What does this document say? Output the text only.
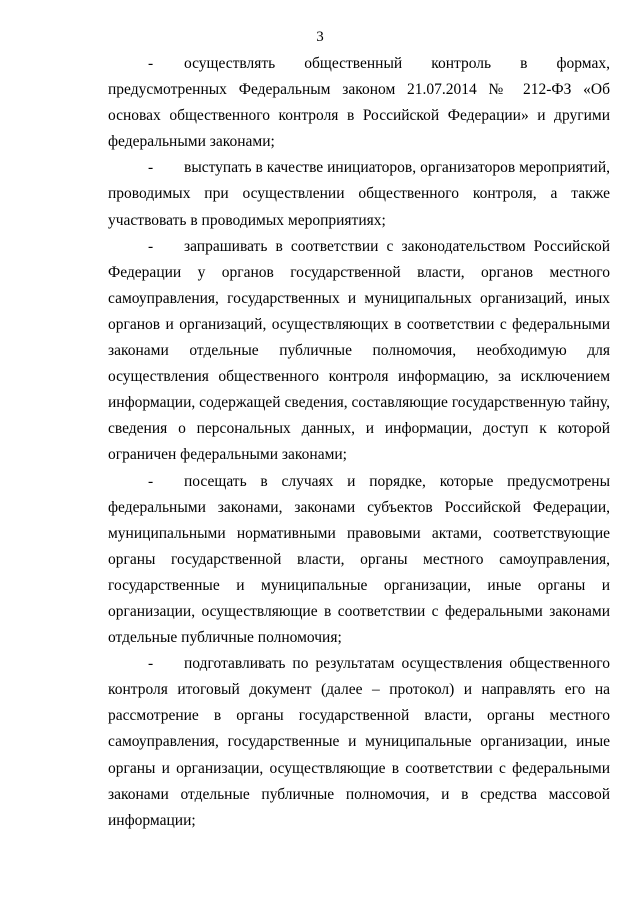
3

- осуществлять общественный контроль в формах, предусмотренных Федеральным законом 21.07.2014 № 212-ФЗ «Об основах общественного контроля в Российской Федерации» и другими федеральными законами;

- выступать в качестве инициаторов, организаторов мероприятий, проводимых при осуществлении общественного контроля, а также участвовать в проводимых мероприятиях;

- запрашивать в соответствии с законодательством Российской Федерации у органов государственной власти, органов местного самоуправления, государственных и муниципальных организаций, иных органов и организаций, осуществляющих в соответствии с федеральными законами отдельные публичные полномочия, необходимую для осуществления общественного контроля информацию, за исключением информации, содержащей сведения, составляющие государственную тайну, сведения о персональных данных, и информации, доступ к которой ограничен федеральными законами;

- посещать в случаях и порядке, которые предусмотрены федеральными законами, законами субъектов Российской Федерации, муниципальными нормативными правовыми актами, соответствующие органы государственной власти, органы местного самоуправления, государственные и муниципальные организации, иные органы и организации, осуществляющие в соответствии с федеральными законами отдельные публичные полномочия;

- подготавливать по результатам осуществления общественного контроля итоговый документ (далее – протокол) и направлять его на рассмотрение в органы государственной власти, органы местного самоуправления, государственные и муниципальные организации, иные органы и организации, осуществляющие в соответствии с федеральными законами отдельные публичные полномочия, и в средства массовой информации;
